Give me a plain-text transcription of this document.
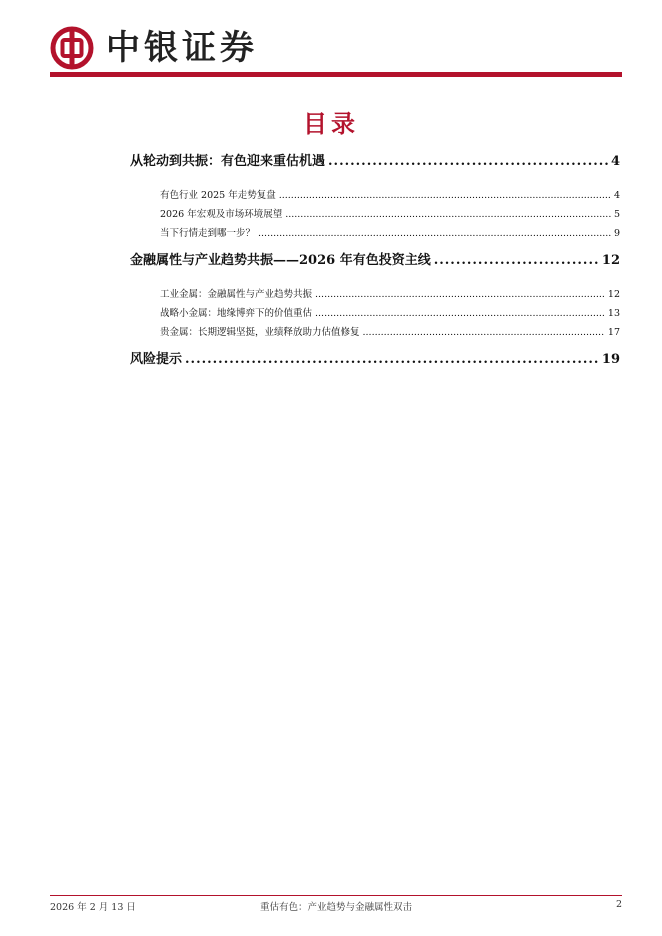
中银证券
目录
从轮动到共振：有色迎来重估机遇 .....	4
有色行业 2025 年走势复盘 .....	4
2026 年宏观及市场环境展望 .....	5
当下行情走到哪一步？ .....	9
金融属性与产业趋势共振——2026 年有色投资主线 .....	12
工业金属：金融属性与产业趋势共振 .....	12
战略小金属：地缘博弈下的价值重估 .....	13
贵金属：长期逻辑坚挺，业绩释放助力估值修复 .....	17
风险提示 .....	19
2026 年 2 月 13 日	重估有色：产业趋势与金融属性双击	2
